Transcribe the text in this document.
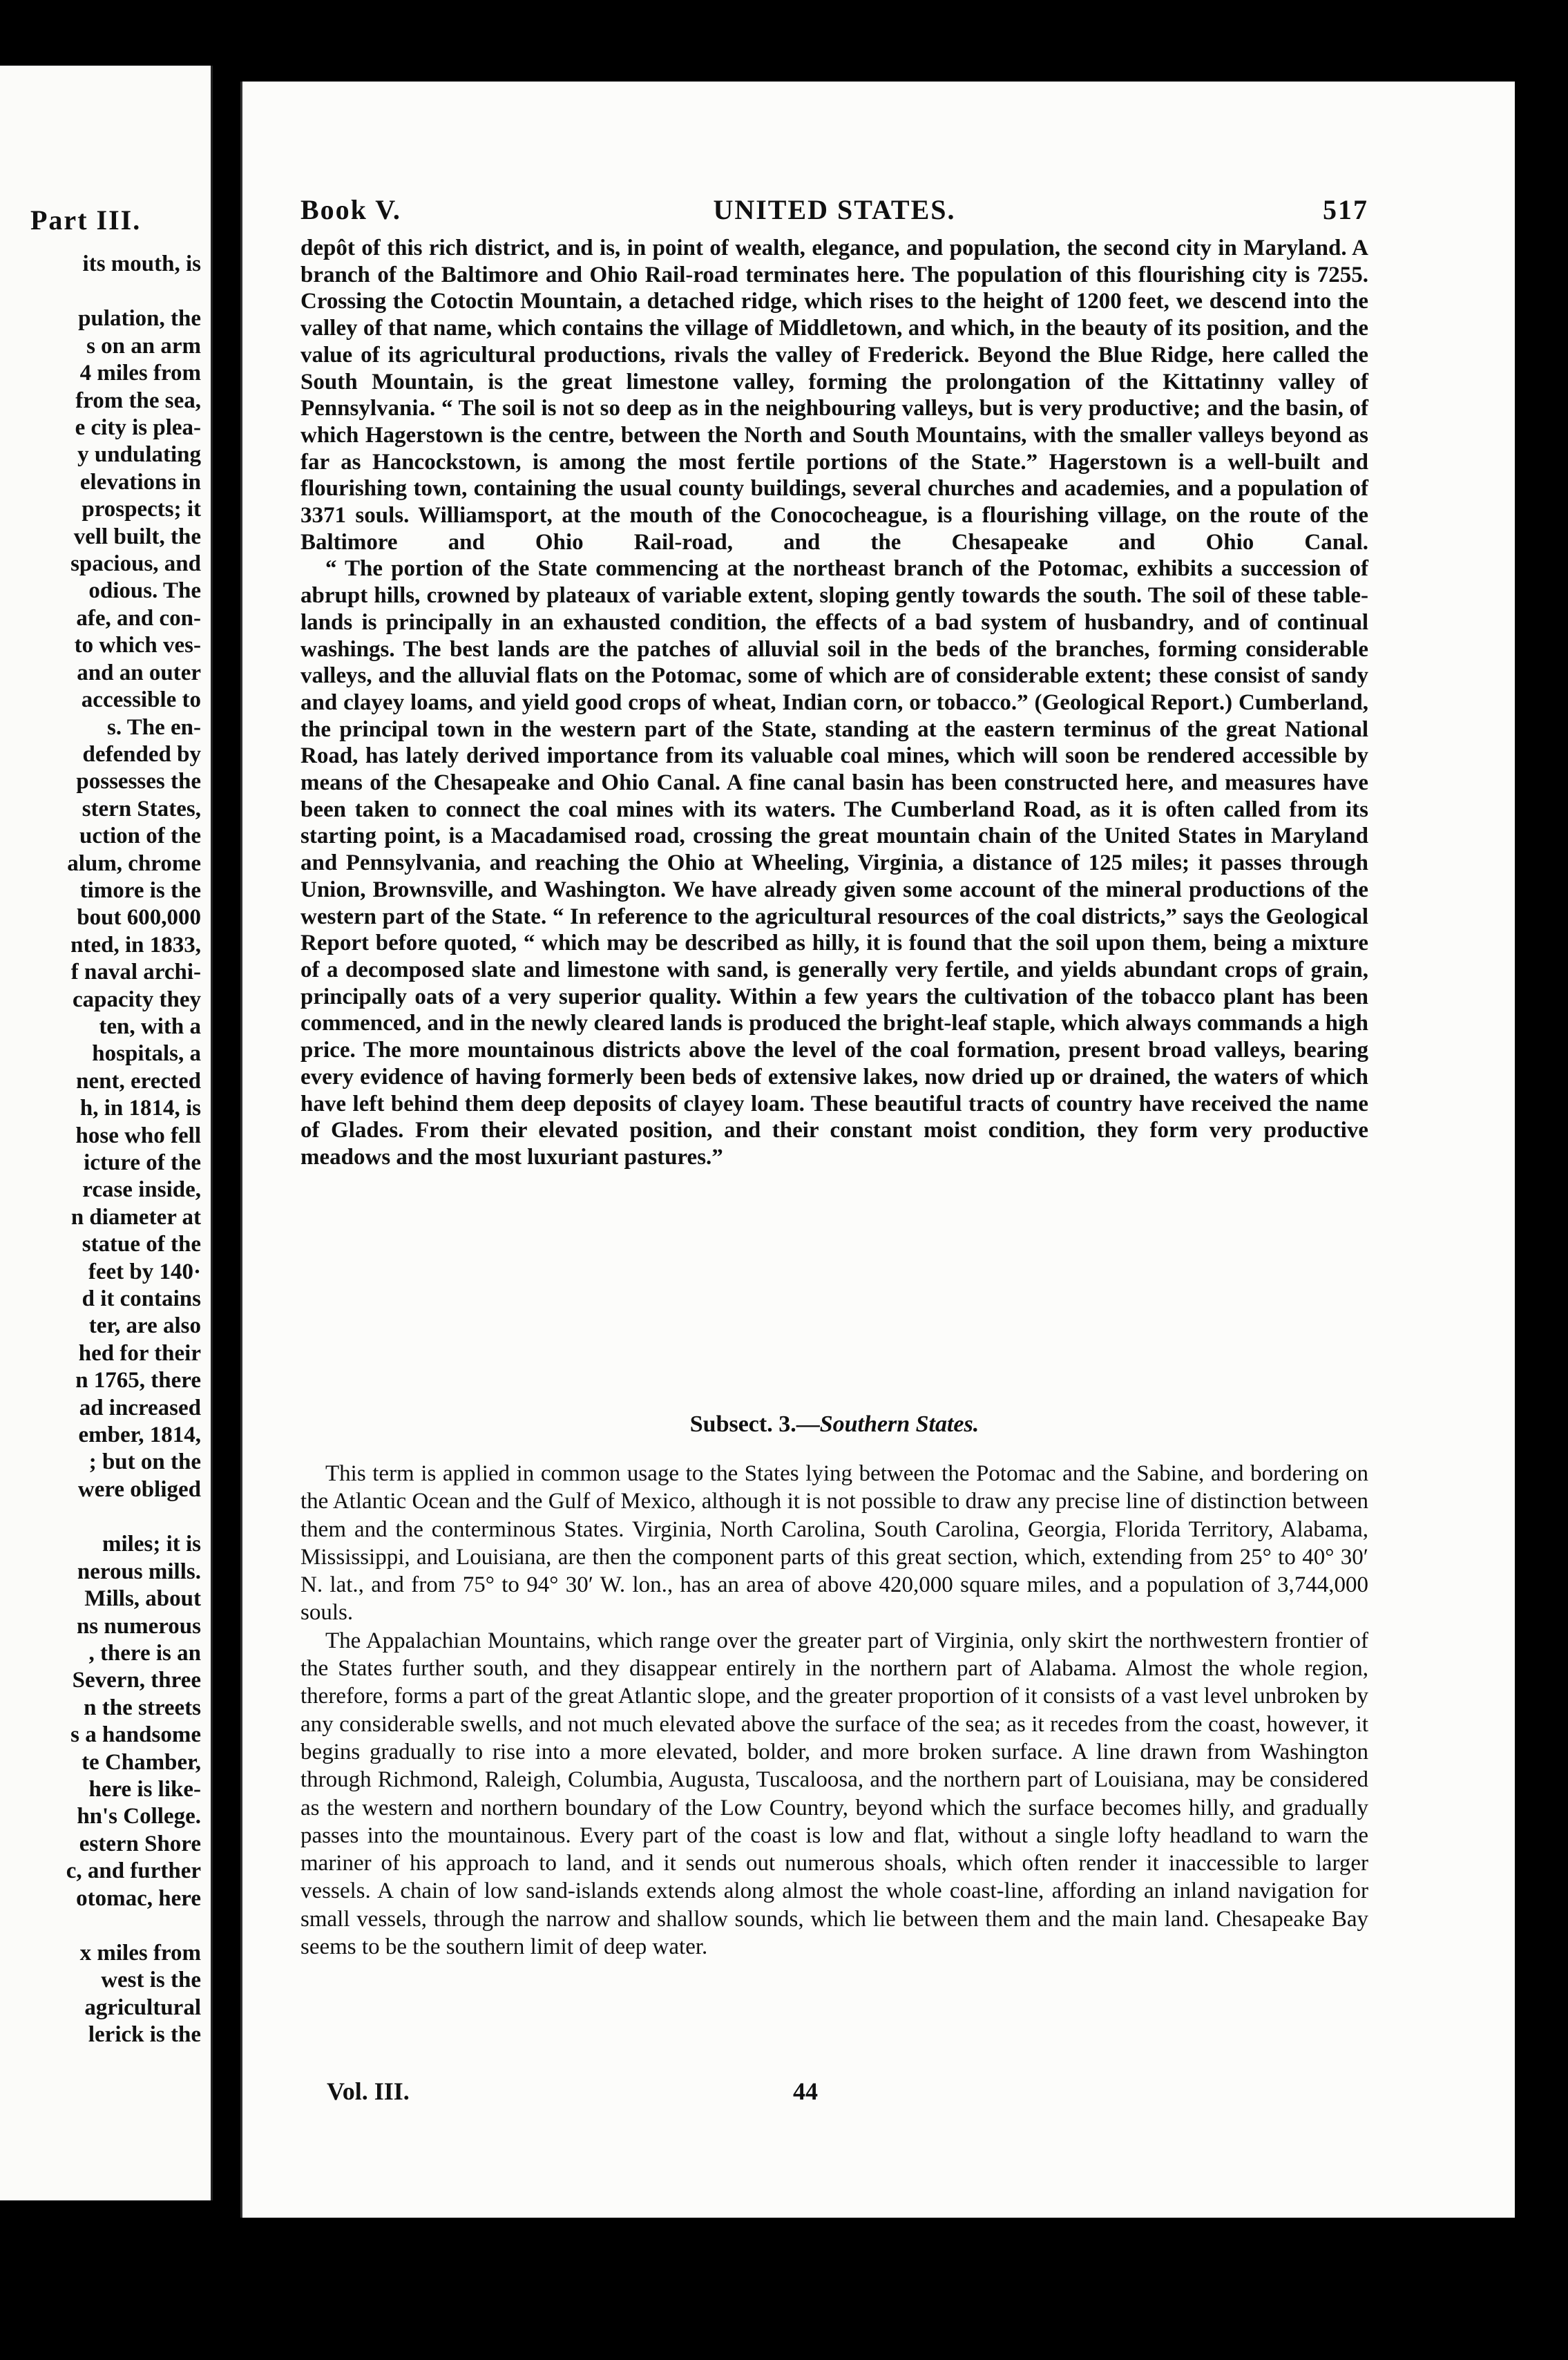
Part III.
its mouth, is
pulation, the
s on an arm
4 miles from
from the sea,
e city is plea-
y undulating
elevations in
prospects; it
vell built, the
spacious, and
odious. The
afe, and con-
to which ves-
and an outer
accessible to
s. The en-
defended by
possesses the
stern States,
uction of the
alum, chrome
timore is the
bout 600,000
nted, in 1833,
f naval archi-
capacity they
ten, with a
hospitals, a
nent, erected
h, in 1814, is
hose who fell
icture of the
rcase inside,
n diameter at
statue of the
feet by 140·
d it contains
ter, are also
hed for their
n 1765, there
ad increased
ember, 1814,
; but on the
were obliged
miles; it is
nerous mills.
Mills, about
ns numerous
, there is an
Severn, three
n the streets
s a handsome
te Chamber,
here is like-
hn's College.
estern Shore
c, and further
otomac, here
x miles from
west is the
agricultural
lerick is the
Book V.	UNITED STATES.	517

depôt of this rich district, and is, in point of wealth, elegance, and population, the second city in Maryland. A branch of the Baltimore and Ohio Rail-road terminates here. The population of this flourishing city is 7255. Crossing the Cotoctin Mountain, a detached ridge, which rises to the height of 1200 feet, we descend into the valley of that name, which contains the village of Middletown, and which, in the beauty of its position, and the value of its agricultural productions, rivals the valley of Frederick. Beyond the Blue Ridge, here called the South Mountain, is the great limestone valley, forming the prolongation of the Kittatinny valley of Pennsylvania. “ The soil is not so deep as in the neighbouring valleys, but is very productive; and the basin, of which Hagerstown is the centre, between the North and South Mountains, with the smaller valleys beyond as far as Hancockstown, is among the most fertile portions of the State.” Hagerstown is a well-built and flourishing town, containing the usual county buildings, several churches and academies, and a population of 3371 souls. Williamsport, at the mouth of the Conococheague, is a flourishing village, on the route of the Baltimore and Ohio Rail-road, and the Chesapeake and Ohio Canal.

“ The portion of the State commencing at the northeast branch of the Potomac, exhibits a succession of abrupt hills, crowned by plateaux of variable extent, sloping gently towards the south. The soil of these table-lands is principally in an exhausted condition, the effects of a bad system of husbandry, and of continual washings. The best lands are the patches of alluvial soil in the beds of the branches, forming considerable valleys, and the alluvial flats on the Potomac, some of which are of considerable extent; these consist of sandy and clayey loams, and yield good crops of wheat, Indian corn, or tobacco.” (Geological Report.) Cumberland, the principal town in the western part of the State, standing at the eastern terminus of the great National Road, has lately derived importance from its valuable coal mines, which will soon be rendered accessible by means of the Chesapeake and Ohio Canal. A fine canal basin has been constructed here, and measures have been taken to connect the coal mines with its waters. The Cumberland Road, as it is often called from its starting point, is a Macadamised road, crossing the great mountain chain of the United States in Maryland and Pennsylvania, and reaching the Ohio at Wheeling, Virginia, a distance of 125 miles; it passes through Union, Brownsville, and Washington. We have already given some account of the mineral productions of the western part of the State. “ In reference to the agricultural resources of the coal districts,” says the Geological Report before quoted, “ which may be described as hilly, it is found that the soil upon them, being a mixture of a decomposed slate and limestone with sand, is generally very fertile, and yields abundant crops of grain, principally oats of a very superior quality. Within a few years the cultivation of the tobacco plant has been commenced, and in the newly cleared lands is produced the bright-leaf staple, which always commands a high price. The more mountainous districts above the level of the coal formation, present broad valleys, bearing every evidence of having formerly been beds of extensive lakes, now dried up or drained, the waters of which have left behind them deep deposits of clayey loam. These beautiful tracts of country have received the name of Glades. From their elevated position, and their constant moist condition, they form very productive meadows and the most luxuriant pastures.”

Subsect. 3.—Southern States.

This term is applied in common usage to the States lying between the Potomac and the Sabine, and bordering on the Atlantic Ocean and the Gulf of Mexico, although it is not possible to draw any precise line of distinction between them and the conterminous States. Virginia, North Carolina, South Carolina, Georgia, Florida Territory, Alabama, Mississippi, and Louisiana, are then the component parts of this great section, which, extending from 25° to 40° 30′ N. lat., and from 75° to 94° 30′ W. lon., has an area of above 420,000 square miles, and a population of 3,744,000 souls.

The Appalachian Mountains, which range over the greater part of Virginia, only skirt the northwestern frontier of the States further south, and they disappear entirely in the northern part of Alabama. Almost the whole region, therefore, forms a part of the great Atlantic slope, and the greater proportion of it consists of a vast level unbroken by any considerable swells, and not much elevated above the surface of the sea; as it recedes from the coast, however, it begins gradually to rise into a more elevated, bolder, and more broken surface. A line drawn from Washington through Richmond, Raleigh, Columbia, Augusta, Tuscaloosa, and the northern part of Louisiana, may be considered as the western and northern boundary of the Low Country, beyond which the surface becomes hilly, and gradually passes into the mountainous. Every part of the coast is low and flat, without a single lofty headland to warn the mariner of his approach to land, and it sends out numerous shoals, which often render it inaccessible to larger vessels. A chain of low sand-islands extends along almost the whole coast-line, affording an inland navigation for small vessels, through the narrow and shallow sounds, which lie between them and the main land. Chesapeake Bay seems to be the southern limit of deep water.

Vol. III.	44
